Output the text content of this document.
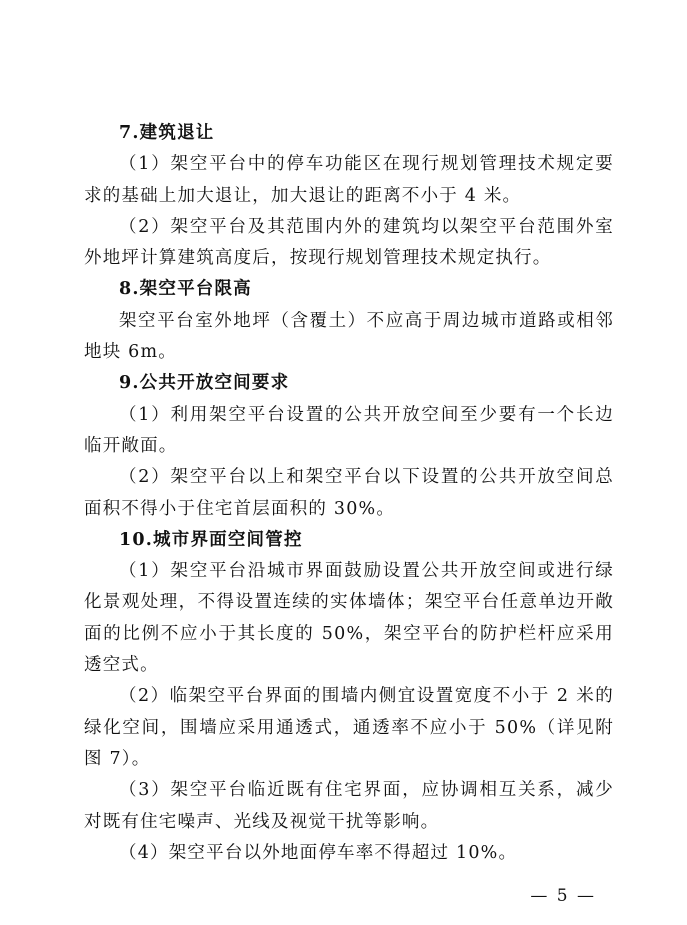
7.建筑退让

（1）架空平台中的停车功能区在现行规划管理技术规定要求的基础上加大退让，加大退让的距离不小于 4 米。

（2）架空平台及其范围内外的建筑均以架空平台范围外室外地坪计算建筑高度后，按现行规划管理技术规定执行。

8.架空平台限高

架空平台室外地坪（含覆土）不应高于周边城市道路或相邻地块 6m。

9.公共开放空间要求

（1）利用架空平台设置的公共开放空间至少要有一个长边临开敞面。

（2）架空平台以上和架空平台以下设置的公共开放空间总面积不得小于住宅首层面积的 30%。

10.城市界面空间管控

（1）架空平台沿城市界面鼓励设置公共开放空间或进行绿化景观处理，不得设置连续的实体墙体；架空平台任意单边开敞面的比例不应小于其长度的 50%，架空平台的防护栏杆应采用透空式。

（2）临架空平台界面的围墙内侧宜设置宽度不小于 2 米的绿化空间，围墙应采用通透式，通透率不应小于 50%（详见附图 7）。

（3）架空平台临近既有住宅界面，应协调相互关系，减少对既有住宅噪声、光线及视觉干扰等影响。

（4）架空平台以外地面停车率不得超过 10%。

— 5 —
